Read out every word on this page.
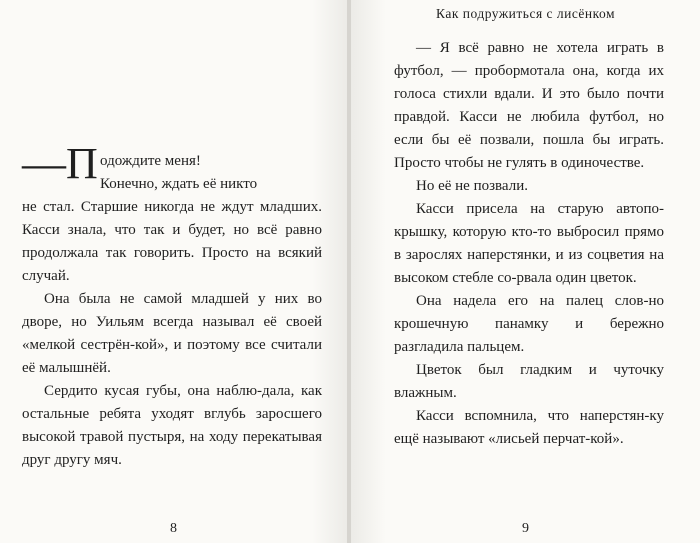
—П одождите меня!
Конечно, ждать её никто

не стал. Старшие никогда не ждут младших. Касси знала, что так и будет, но всё равно продолжала так говорить. Просто на всякий случай.

Она была не самой младшей у них во дворе, но Уильям всегда называл её своей «мелкой сестрён-кой», и поэтому все считали её малышнёй.

Сердито кусая губы, она наблю-дала, как остальные ребята уходят вглубь заросшего высокой травой пустыря, на ходу перекатывая друг другу мяч.

8
Как подружиться с лисёнком

— Я всё равно не хотела играть в футбол, — пробормотала она, когда их голоса стихли вдали. И это было почти правдой. Касси не любила футбол, но если бы её позвали, пошла бы играть. Просто чтобы не гулять в одиночестве.

Но её не позвали.

Касси присела на старую автопо-крышку, которую кто-то выбросил прямо в зарослях наперстянки, и из соцветия на высоком стебле со-рвала один цветок.

Она надела его на палец слов-но крошечную панамку и бережно разгладила пальцем.

Цветок был гладким и чуточку влажным.

Касси вспомнила, что наперстян-ку ещё называют «лисьей перчат-кой».

9
